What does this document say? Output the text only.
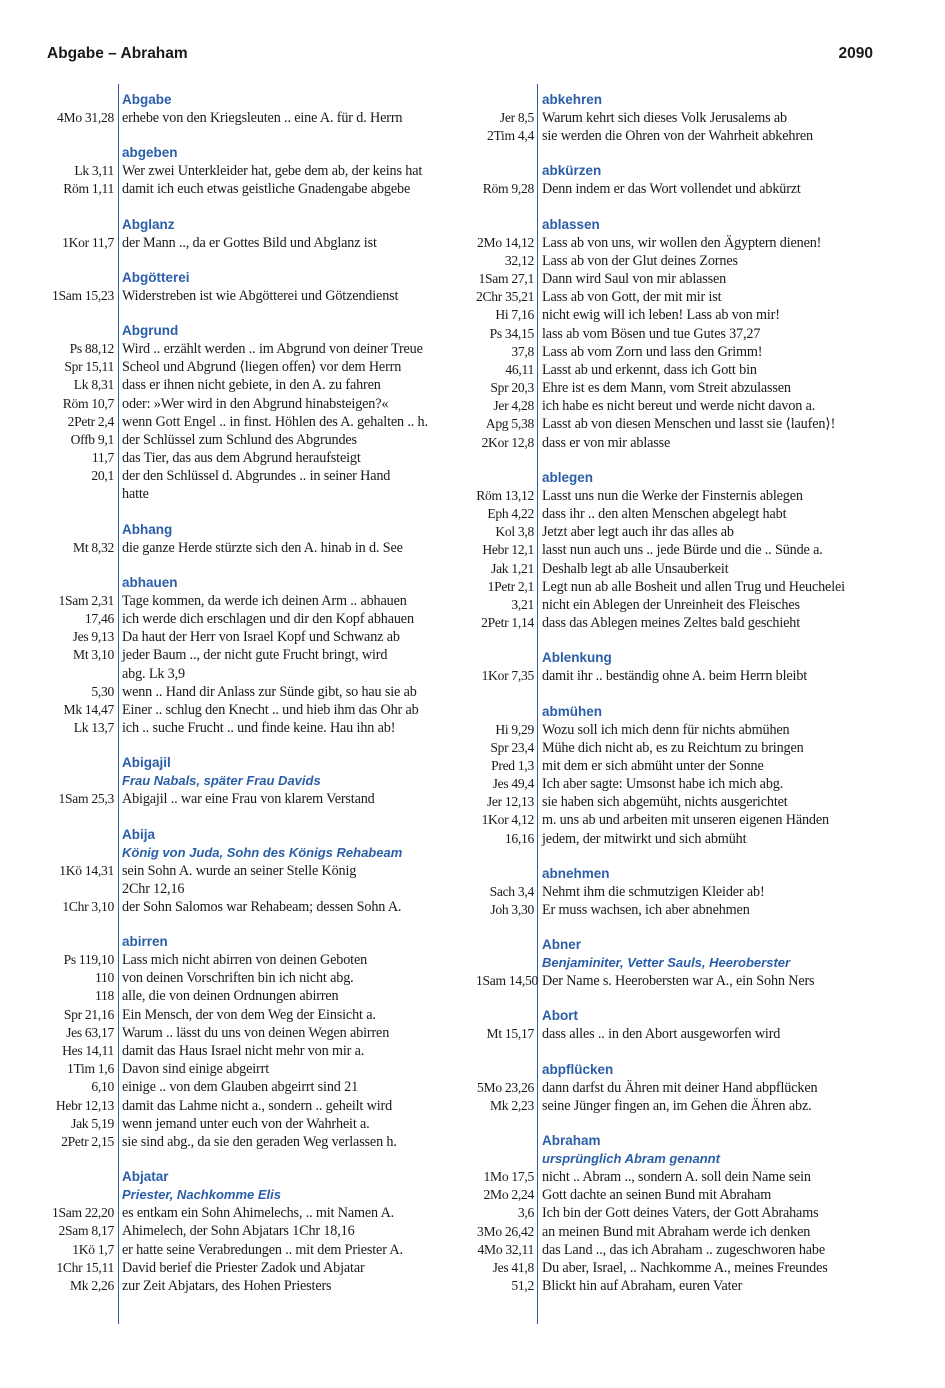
Abgabe – Abraham	2090
Abgabe
4Mo 31,28 erhebe von den Kriegsleuten .. eine A. für d. Herrn
abgeben
Lk 3,11 Wer zwei Unterkleider hat, gebe dem ab, der keins hat
Röm 1,11 damit ich euch etwas geistliche Gnadengabe abgebe
Abglanz
1Kor 11,7 der Mann .., da er Gottes Bild und Abglanz ist
Abgötterei
1Sam 15,23 Widerstreben ist wie Abgötterei und Götzendienst
Abgrund
Ps 88,12 Wird .. erzählt werden .. im Abgrund von deiner Treue
Spr 15,11 Scheol und Abgrund ⟨liegen offen⟩ vor dem Herrn
Lk 8,31 dass er ihnen nicht gebiete, in den A. zu fahren
Röm 10,7 oder: »Wer wird in den Abgrund hinabsteigen?«
2Petr 2,4 wenn Gott Engel .. in finst. Höhlen des A. gehalten .. h.
Offb 9,1 der Schlüssel zum Schlund des Abgrundes
11,7 das Tier, das aus dem Abgrund heraufsteigt
20,1 der den Schlüssel d. Abgrundes .. in seiner Hand
hatte
Abhang
Mt 8,32 die ganze Herde stürzte sich den A. hinab in d. See
abhauen
1Sam 2,31 Tage kommen, da werde ich deinen Arm .. abhauen
17,46 ich werde dich erschlagen und dir den Kopf abhauen
Jes 9,13 Da haut der Herr von Israel Kopf und Schwanz ab
Mt 3,10 jeder Baum .., der nicht gute Frucht bringt, wird
abg. Lk 3,9
5,30 wenn .. Hand dir Anlass zur Sünde gibt, so hau sie ab
Mk 14,47 Einer .. schlug den Knecht .. und hieb ihm das Ohr ab
Lk 13,7 ich .. suche Frucht .. und finde keine. Hau ihn ab!
Abigajil
Frau Nabals, später Frau Davids
1Sam 25,3 Abigajil .. war eine Frau von klarem Verstand
Abija
König von Juda, Sohn des Königs Rehabeam
1Kö 14,31 sein Sohn A. wurde an seiner Stelle König
2Chr 12,16
1Chr 3,10 der Sohn Salomos war Rehabeam; dessen Sohn A.
abirren
Ps 119,10 Lass mich nicht abirren von deinen Geboten
110 von deinen Vorschriften bin ich nicht abg.
118 alle, die von deinen Ordnungen abirren
Spr 21,16 Ein Mensch, der von dem Weg der Einsicht a.
Jes 63,17 Warum .. lässt du uns von deinen Wegen abirren
Hes 14,11 damit das Haus Israel nicht mehr von mir a.
1Tim 1,6 Davon sind einige abgeirrt
6,10 einige .. von dem Glauben abgeirrt sind 21
Hebr 12,13 damit das Lahme nicht a., sondern .. geheilt wird
Jak 5,19 wenn jemand unter euch von der Wahrheit a.
2Petr 2,15 sie sind abg., da sie den geraden Weg verlassen h.
Abjatar
Priester, Nachkomme Elis
1Sam 22,20 es entkam ein Sohn Ahimelechs, .. mit Namen A.
2Sam 8,17 Ahimelech, der Sohn Abjatars 1Chr 18,16
1Kö 1,7 er hatte seine Verabredungen .. mit dem Priester A.
1Chr 15,11 David berief die Priester Zadok und Abjatar
Mk 2,26 zur Zeit Abjatars, des Hohen Priesters
abkehren
Jer 8,5 Warum kehrt sich dieses Volk Jerusalems ab
2Tim 4,4 sie werden die Ohren von der Wahrheit abkehren
abkürzen
Röm 9,28 Denn indem er das Wort vollendet und abkürzt
ablassen
2Mo 14,12 Lass ab von uns, wir wollen den Ägyptern dienen!
32,12 Lass ab von der Glut deines Zornes
1Sam 27,1 Dann wird Saul von mir ablassen
2Chr 35,21 Lass ab von Gott, der mit mir ist
Hi 7,16 nicht ewig will ich leben! Lass ab von mir!
Ps 34,15 lass ab vom Bösen und tue Gutes 37,27
37,8 Lass ab vom Zorn und lass den Grimm!
46,11 Lasst ab und erkennt, dass ich Gott bin
Spr 20,3 Ehre ist es dem Mann, vom Streit abzulassen
Jer 4,28 ich habe es nicht bereut und werde nicht davon a.
Apg 5,38 Lasst ab von diesen Menschen und lasst sie ⟨laufen⟩!
2Kor 12,8 dass er von mir ablasse
ablegen
Röm 13,12 Lasst uns nun die Werke der Finsternis ablegen
Eph 4,22 dass ihr .. den alten Menschen abgelegt habt
Kol 3,8 Jetzt aber legt auch ihr das alles ab
Hebr 12,1 lasst nun auch uns .. jede Bürde und die .. Sünde a.
Jak 1,21 Deshalb legt ab alle Unsauberkeit
1Petr 2,1 Legt nun ab alle Bosheit und allen Trug und Heuchelei
3,21 nicht ein Ablegen der Unreinheit des Fleisches
2Petr 1,14 dass das Ablegen meines Zeltes bald geschieht
Ablenkung
1Kor 7,35 damit ihr .. beständig ohne A. beim Herrn bleibt
abmühen
Hi 9,29 Wozu soll ich mich denn für nichts abmühen
Spr 23,4 Mühe dich nicht ab, es zu Reichtum zu bringen
Pred 1,3 mit dem er sich abmüht unter der Sonne
Jes 49,4 Ich aber sagte: Umsonst habe ich mich abg.
Jer 12,13 sie haben sich abgemüht, nichts ausgerichtet
1Kor 4,12 m. uns ab und arbeiten mit unseren eigenen Händen
16,16 jedem, der mitwirkt und sich abmüht
abnehmen
Sach 3,4 Nehmt ihm die schmutzigen Kleider ab!
Joh 3,30 Er muss wachsen, ich aber abnehmen
Abner
Benjaminiter, Vetter Sauls, Heeroberster
1Sam 14,50 Der Name s. Heerobersten war A., ein Sohn Ners
Abort
Mt 15,17 dass alles .. in den Abort ausgeworfen wird
abpflücken
5Mo 23,26 dann darfst du Ähren mit deiner Hand abpflücken
Mk 2,23 seine Jünger fingen an, im Gehen die Ähren abz.
Abraham
ursprünglich Abram genannt
1Mo 17,5 nicht .. Abram .., sondern A. soll dein Name sein
2Mo 2,24 Gott dachte an seinen Bund mit Abraham
3,6 Ich bin der Gott deines Vaters, der Gott Abrahams
3Mo 26,42 an meinen Bund mit Abraham werde ich denken
4Mo 32,11 das Land .., das ich Abraham .. zugeschworen habe
Jes 41,8 Du aber, Israel, .. Nachkomme A., meines Freundes
51,2 Blickt hin auf Abraham, euren Vater
